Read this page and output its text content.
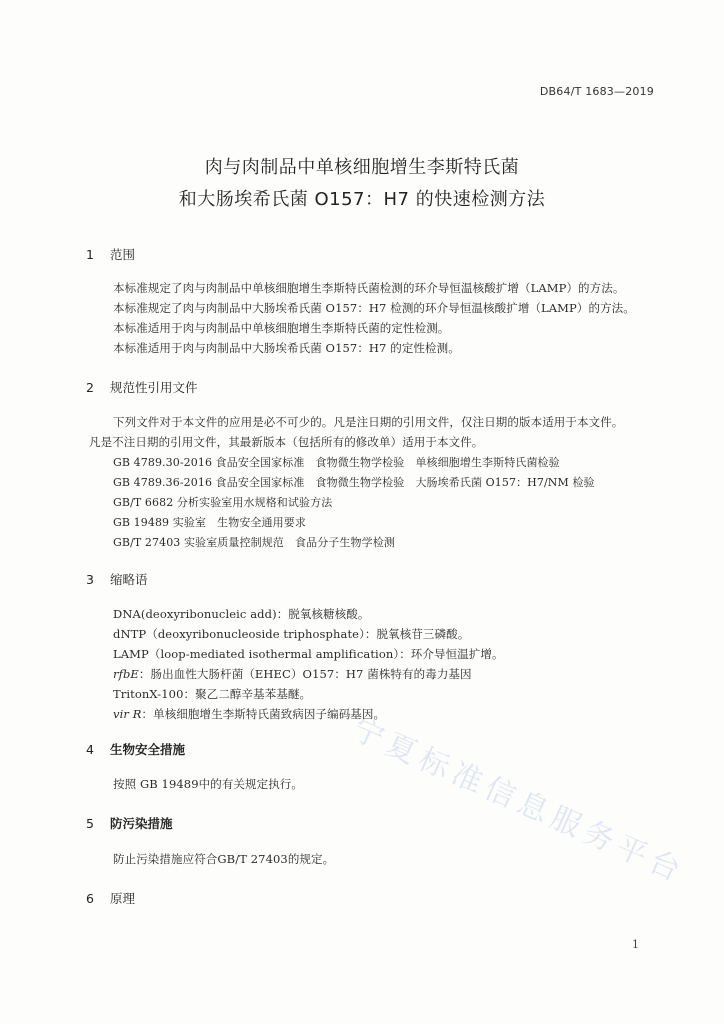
DB64/T 1683—2019
肉与肉制品中单核细胞增生李斯特氏菌
和大肠埃希氏菌 O157：H7 的快速检测方法
1 范围
本标准规定了肉与肉制品中单核细胞增生李斯特氏菌检测的环介导恒温核酸扩增（LAMP）的方法。
本标准规定了肉与肉制品中大肠埃希氏菌 O157：H7 检测的环介导恒温核酸扩增（LAMP）的方法。
本标准适用于肉与肉制品中单核细胞增生李斯特氏菌的定性检测。
本标准适用于肉与肉制品中大肠埃希氏菌 O157：H7 的定性检测。
2 规范性引用文件
下列文件对于本文件的应用是必不可少的。凡是注日期的引用文件，仅注日期的版本适用于本文件。
凡是不注日期的引用文件，其最新版本（包括所有的修改单）适用于本文件。
GB 4789.30-2016 食品安全国家标准　食物微生物学检验　单核细胞增生李斯特氏菌检验
GB 4789.36-2016 食品安全国家标准　食物微生物学检验　大肠埃希氏菌 O157：H7/NM 检验
GB/T 6682 分析实验室用水规格和试验方法
GB 19489 实验室　生物安全通用要求
GB/T 27403 实验室质量控制规范　食品分子生物学检测
3 缩略语
DNA(deoxyribonucleic add)：脱氧核糖核酸。
dNTP（deoxyribonucleoside triphosphate）：脱氧核苷三磷酸。
LAMP（loop-mediated isothermal amplification）：环介导恒温扩增。
rfbE：肠出血性大肠杆菌（EHEC）O157：H7 菌株特有的毒力基因
TritonX-100：聚乙二醇辛基苯基醚。
vir R：单核细胞增生李斯特氏菌致病因子编码基因。
4 生物安全措施
按照 GB 19489中的有关规定执行。
5 防污染措施
防止污染措施应符合GB/T 27403的规定。
6 原理
1
宁夏标准信息服务平台
